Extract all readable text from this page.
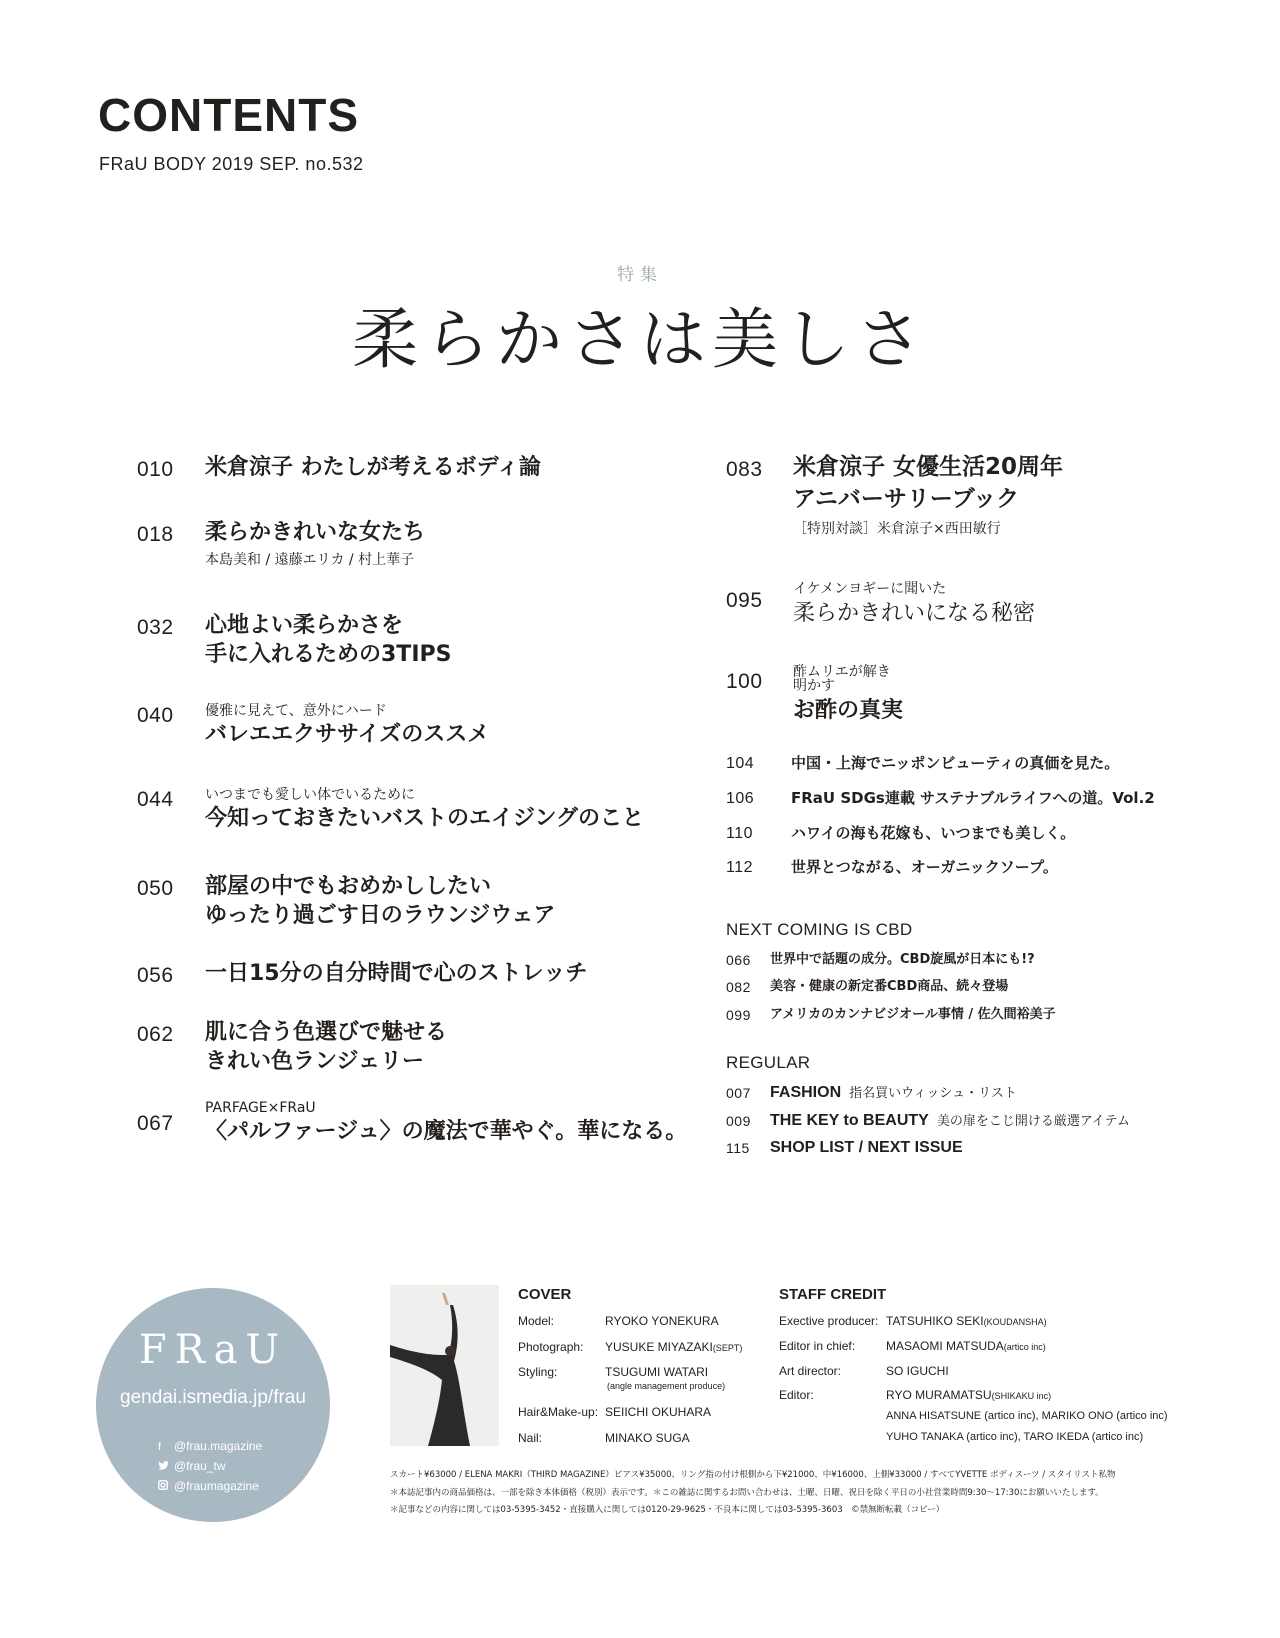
CONTENTS
FRaU BODY 2019 SEP. no.532
特集
柔らかさは美しさ
010 米倉涼子 わたしが考えるボディ論
018 柔らかきれいな女たち
本島美和 / 遠藤エリカ / 村上華子
032 心地よい柔らかさを
手に入れるための3TIPS
040 優雅に見えて、意外にハード
バレエエクササイズのススメ
044 いつまでも愛しい体でいるために
今知っておきたいバストのエイジングのこと
050 部屋の中でもおめかししたい
ゆったり過ごす日のラウンジウェア
056 一日15分の自分時間で心のストレッチ
062 肌に合う色選びで魅せる
きれい色ランジェリー
067
PARFAGE×FRaU
〈パルファージュ〉の魔法で華やぐ。華になる。
083 米倉涼子 女優生活20周年
アニバーサリーブック
［特別対談］米倉涼子×西田敏行
095 イケメンヨギーに聞いた
柔らかきれいになる秘密
100 酢ムリエが解き明かす
お酢の真実
104 中国・上海でニッポンビューティの真価を見た。
106 FRaU SDGs連載 サステナブルライフへの道。Vol.2
110	ハワイの海も花嫁も、いつまでも美しく。
112	世界とつながる、オーガニックソープ。
NEXT COMING IS CBD
066 世界中で話題の成分。CBD旋風が日本にも!?
082 美容・健康の新定番CBD商品、続々登場
099 アメリカのカンナビジオール事情 / 佐久間裕美子
REGULAR
007 FASHION 指名買いウィッシュ・リスト
009 THE KEY to BEAUTY 美の扉をこじ開ける厳選アイテム
115 SHOP LIST / NEXT ISSUE
FRaU
gendai.ismedia.jp/frau
f @frau.magazine
@frau_tw
@fraumagazine
COVER
Model:	RYOKO YONEKURA
Photograph: YUSUKE MIYAZAKI(SEPT)
Styling:	TSUGUMI WATARI
(angle management produce)
Hair&Make-up: SEIICHI OKUHARA
Nail:	MINAKO SUGA
STAFF CREDIT
Exective producer: TATSUHIKO SEKI(KOUDANSHA)
Editor in chief:	MASAOMI MATSUDA(artico inc)
Art director:	SO IGUCHI
Editor:	RYO MURAMATSU(SHIKAKU inc)
ANNA HISATSUNE (artico inc), MARIKO ONO (artico inc)
YUHO TANAKA (artico inc), TARO IKEDA (artico inc)
スカート¥63000 / ELENA MAKRI（THIRD MAGAZINE）ピアス¥35000、リング指の付け根側から下¥21000、中¥16000、上側¥33000 / すべてYVETTE ボディスーツ / スタイリスト私物
＊本誌記事内の商品価格は、一部を除き本体価格（税別）表示です。＊この雑誌に関するお問い合わせは、土曜、日曜、祝日を除く平日の小社営業時間9:30〜17:30にお願いいたします。
＊記事などの内容に関しては03-5395-3452・直接購入に関しては0120-29-9625・不良本に関しては03-5395-3603　©禁無断転載（コピー）
